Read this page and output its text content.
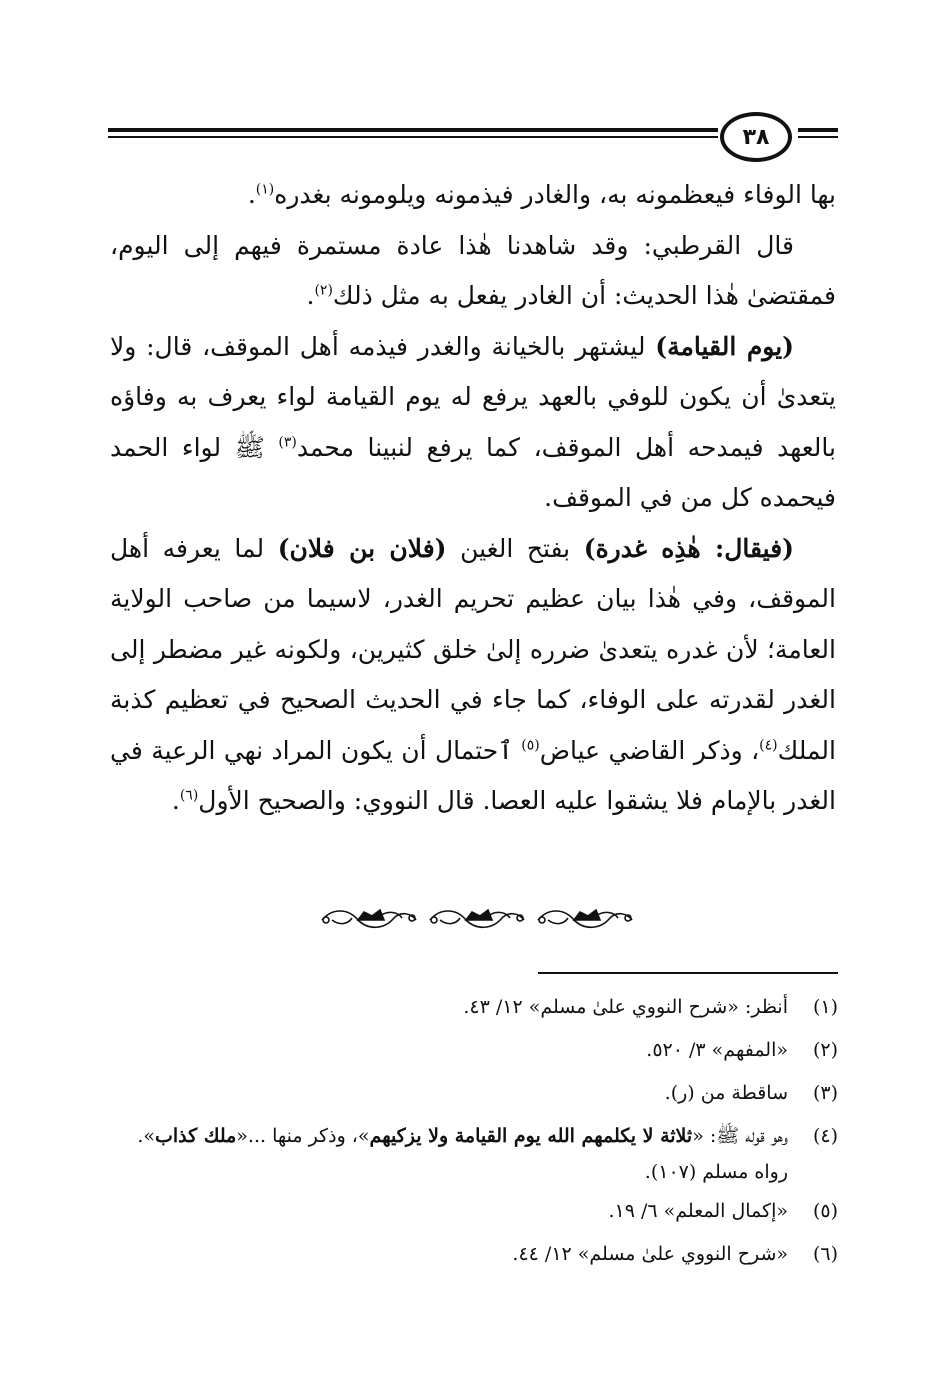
٣٨

بها الوفاء فيعظمونه به، والغادر فيذمونه ويلومونه بغدره$^{(١)}$.

قال القرطبي: وقد شاهدنا هٰذا عادة مستمرة فيهم إلى اليوم، فمقتضىٰ هٰذا الحديث: أن الغادر يفعل به مثل ذلك$^{(٢)}$.

(يوم القيامة) ليشتهر بالخيانة والغدر فيذمه أهل الموقف، قال: ولا يتعدىٰ أن يكون للوفي بالعهد يرفع له يوم القيامة لواء يعرف به وفاؤه بالعهد فيمدحه أهل الموقف، كما يرفع لنبينا محمد$^{(٣)}$ ﷺ لواء الحمد فيحمده كل من في الموقف.

(فيقال: هٰذِه غدرة) بفتح الغين (فلان بن فلان) لما يعرفه أهل الموقف، وفي هٰذا بيان عظيم تحريم الغدر، لاسيما من صاحب الولاية العامة؛ لأن غدره يتعدىٰ ضرره إلىٰ خلق كثيرين، ولكونه غير مضطر إلى الغدر لقدرته على الوفاء، كما جاء في الحديث الصحيح في تعظيم كذبة الملك$^{(٤)}$، وذكر القاضي عياض$^{(٥)}$ ٱحتمال أن يكون المراد نهي الرعية في الغدر بالإمام فلا يشقوا عليه العصا. قال النووي: والصحيح الأول$^{(٦)}$.

(١)
أنظر: «شرح النووي علىٰ مسلم» ١٢/ ٤٣.
(٢)
«المفهم» ٣/ ٥٢٠.
(٣)
ساقطة من (ر).
(٤)
وهو قوله ﷺ: «ثلاثة لا يكلمهم الله يوم القيامة ولا يزكيهم»، وذكر منها ...«ملك كذاب». رواه مسلم (١٠٧).
(٥)
«إكمال المعلم» ٦/ ١٩.
(٦)
«شرح النووي علىٰ مسلم» ١٢/ ٤٤.
